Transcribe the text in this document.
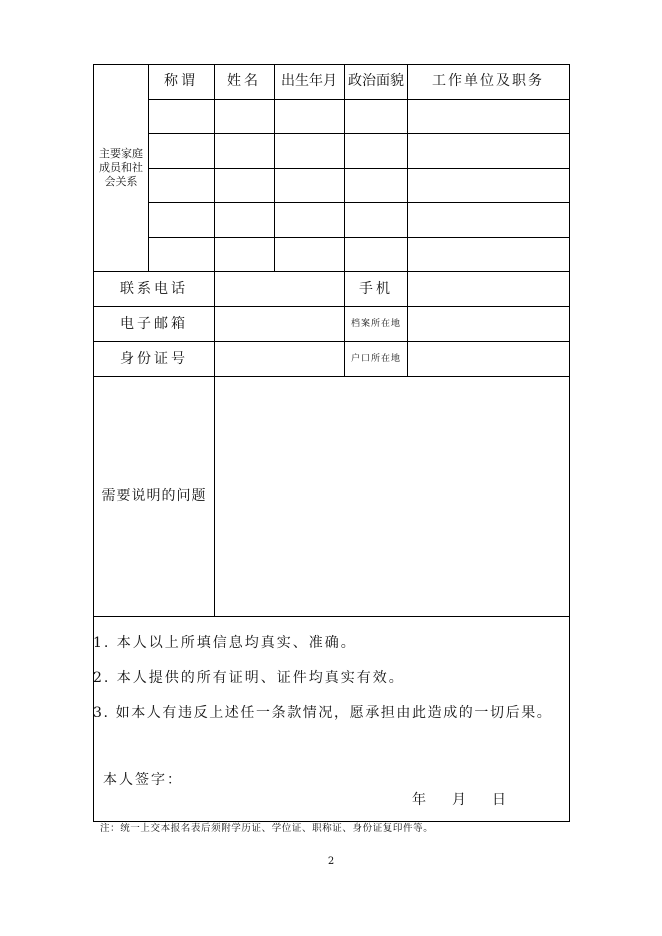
主要家庭
成员和社
会关系
称谓 姓名 出生年月 政治面貌 工作单位及职务
联系电话	手机
电子邮箱	档案所在地
身份证号	户口所在地
需要说明的问题
1. 本人以上所填信息均真实、准确。
2. 本人提供的所有证明、证件均真实有效。
3. 如本人有违反上述任一条款情况，愿承担由此造成的一切后果。
本人签字：
年 月 日
注：统一上交本报名表后须附学历证、学位证、职称证、身份证复印件等。
2
